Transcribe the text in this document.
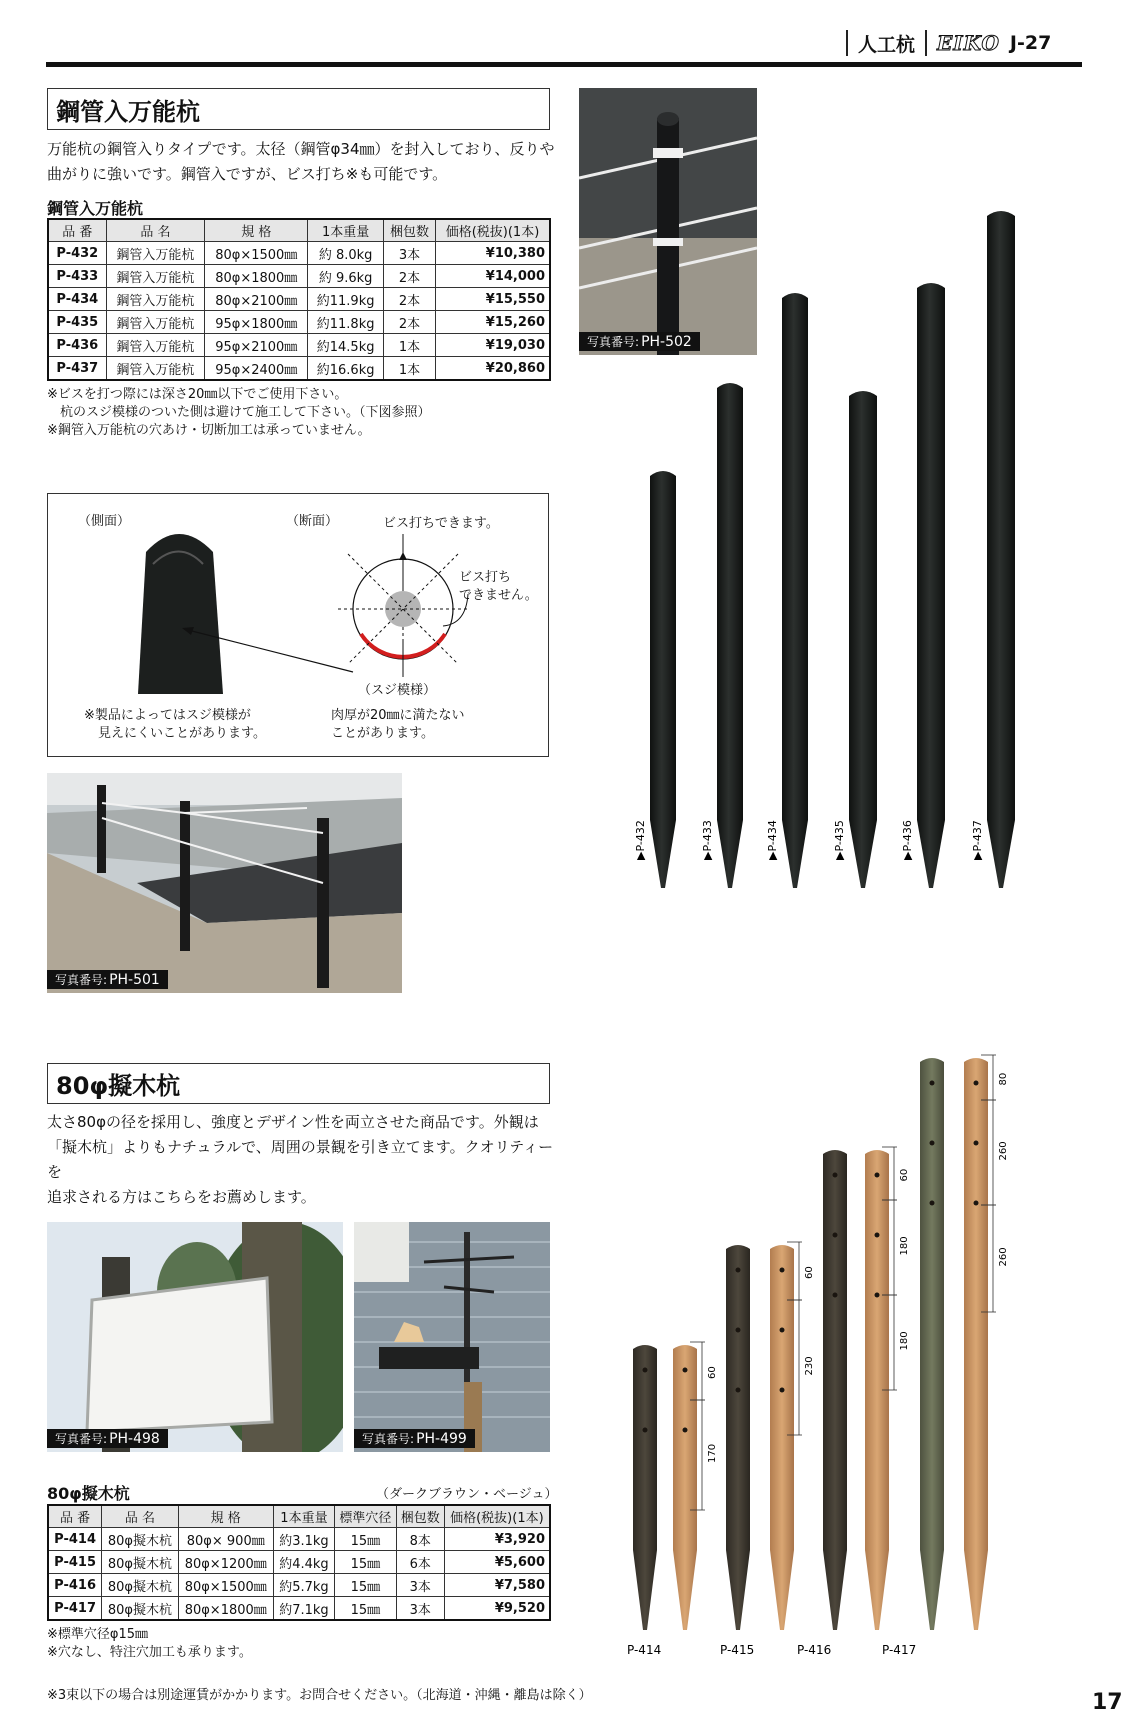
人工杭 EIKO J-27
鋼管入万能杭
万能杭の鋼管入りタイプです。太径（鋼管φ34㎜）を封入しており、反りや
曲がりに強いです。鋼管入ですが、ビス打ち※も可能です。
鋼管入万能杭
品 番	品 名	規 格	1本重量	梱包数	価格(税抜)(1本)
P-432	鋼管入万能杭	80φ×1500㎜	約 8.0kg	3本	¥10,380
P-433	鋼管入万能杭	80φ×1800㎜	約 9.6kg	2本	¥14,000
P-434	鋼管入万能杭	80φ×2100㎜	約11.9kg	2本	¥15,550
P-435	鋼管入万能杭	95φ×1800㎜	約11.8kg	2本	¥15,260
P-436	鋼管入万能杭	95φ×2100㎜	約14.5kg	1本	¥19,030
P-437	鋼管入万能杭	95φ×2400㎜	約16.6kg	1本	¥20,860
※ビスを打つ際には深さ20㎜以下でご使用下さい。
杭のスジ模様のついた側は避けて施工して下さい。（下図参照）
※鋼管入万能杭の穴あけ・切断加工は承っていません。
（側面）	（断面）	ビス打ちできます。
ビス打ち
できません。
（スジ模様）
※製品によってはスジ模様が
見えにくいことがあります。
肉厚が20㎜に満たない
ことがあります。
写真番号: PH-501
写真番号: PH-502
▶P-432	▶P-433	▶P-434	▶P-435	▶P-436	▶P-437
80φ擬木杭
太さ80φの径を採用し、強度とデザイン性を両立させた商品です。外観は
「擬木杭」よりもナチュラルで、周囲の景観を引き立てます。クオリティーを
追求される方はこちらをお薦めします。
写真番号: PH-498	写真番号: PH-499
80φ擬木杭	（ダークブラウン・ベージュ）
品 番	品 名	規 格	1本重量	標準穴径	梱包数	価格(税抜)(1本)
P-414	80φ擬木杭	80φ× 900㎜	約3.1kg	15㎜	8本	¥3,920
P-415	80φ擬木杭	80φ×1200㎜	約4.4kg	15㎜	6本	¥5,600
P-416	80φ擬木杭	80φ×1500㎜	約5.7kg	15㎜	3本	¥7,580
P-417	80φ擬木杭	80φ×1800㎜	約7.1kg	15㎜	3本	¥9,520
※標準穴径φ15㎜
※穴なし、特注穴加工も承ります。
60
170
60
230
60
180
180
80
260
260
P-414	P-415	P-416	P-417
※3束以下の場合は別途運賃がかかります。お問合せください。（北海道・沖縄・離島は除く）	17
